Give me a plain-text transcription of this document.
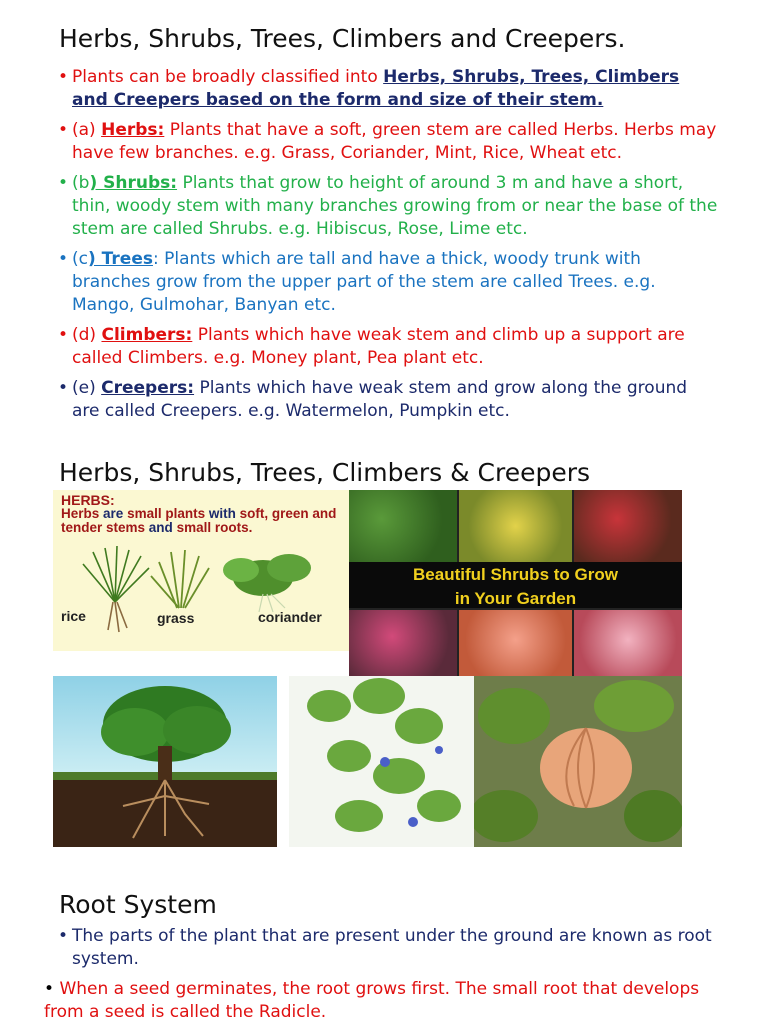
Herbs, Shrubs, Trees, Climbers and Creepers.
• Plants can be broadly classified into Herbs, Shrubs, Trees, Climbers and Creepers based on the form and size of their stem.
• (a) Herbs: Plants that have a soft, green stem are called Herbs. Herbs may have few branches. e.g. Grass, Coriander, Mint, Rice, Wheat etc.
• (b) Shrubs: Plants that grow to height of around 3 m and have a short, thin, woody stem with many branches growing from or near the base of the stem are called Shrubs. e.g. Hibiscus, Rose, Lime etc.
• (c) Trees: Plants which are tall and have a thick, woody trunk with branches grow from the upper part of the stem are called Trees. e.g. Mango, Gulmohar, Banyan etc.
• (d) Climbers: Plants which have weak stem and climb up a support are called Climbers. e.g. Money plant, Pea plant etc.
• (e) Creepers: Plants which have weak stem and grow along the ground are called Creepers. e.g. Watermelon, Pumpkin etc.
Herbs, Shrubs, Trees, Climbers & Creepers
HERBS:
Herbs are small plants with soft, green and tender stems and small roots.
rice	grass	coriander
Beautiful Shrubs to Grow
in Your Garden
Root System
• The parts of the plant that are present under the ground are known as root system.
• When a seed germinates, the root grows first. The small root that develops from a seed is called the Radicle.
